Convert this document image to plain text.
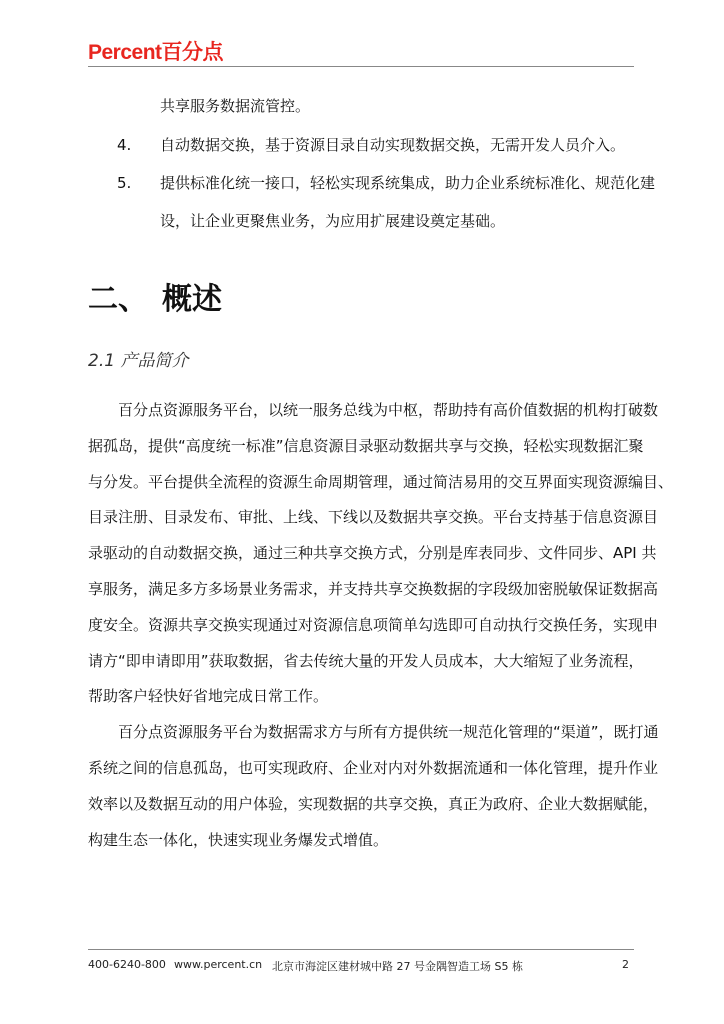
Percent百分点
共享服务数据流管控。
4. 自动数据交换，基于资源目录自动实现数据交换，无需开发人员介入。
5. 提供标准化统一接口，轻松实现系统集成，助力企业系统标准化、规范化建
设，让企业更聚焦业务，为应用扩展建设奠定基础。
二、 概述
2.1 产品简介
　　百分点资源服务平台，以统一服务总线为中枢，帮助持有高价值数据的机构打破数
据孤岛，提供“高度统一标准”信息资源目录驱动数据共享与交换，轻松实现数据汇聚
与分发。平台提供全流程的资源生命周期管理，通过简洁易用的交互界面实现资源编目、
目录注册、目录发布、审批、上线、下线以及数据共享交换。平台支持基于信息资源目
录驱动的自动数据交换，通过三种共享交换方式，分别是库表同步、文件同步、API 共
享服务，满足多方多场景业务需求，并支持共享交换数据的字段级加密脱敏保证数据高
度安全。资源共享交换实现通过对资源信息项简单勾选即可自动执行交换任务，实现申
请方“即申请即用”获取数据，省去传统大量的开发人员成本，大大缩短了业务流程，
帮助客户轻快好省地完成日常工作。
　　百分点资源服务平台为数据需求方与所有方提供统一规范化管理的“渠道”，既打通
系统之间的信息孤岛，也可实现政府、企业对内对外数据流通和一体化管理，提升作业
效率以及数据互动的用户体验，实现数据的共享交换，真正为政府、企业大数据赋能，
构建生态一体化，快速实现业务爆发式增值。
400-6240-800 www.percent.cn 北京市海淀区建材城中路 27 号金隅智造工场 S5 栋	2
